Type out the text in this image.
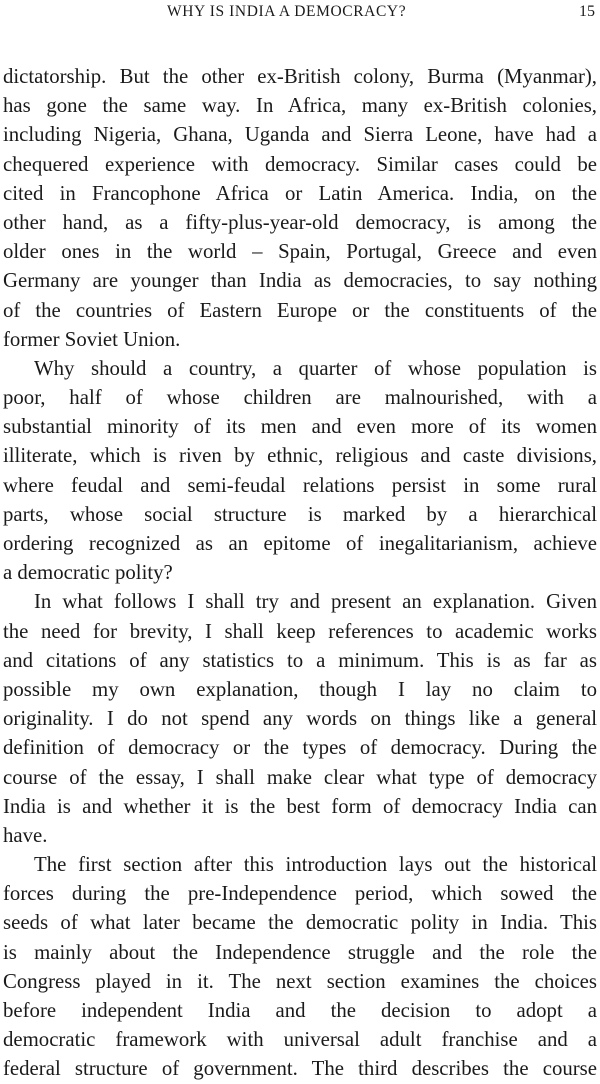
WHY IS INDIA A DEMOCRACY?	15
dictatorship. But the other ex-British colony, Burma (Myanmar),
has gone the same way. In Africa, many ex-British colonies,
including Nigeria, Ghana, Uganda and Sierra Leone, have had a
chequered experience with democracy. Similar cases could be
cited in Francophone Africa or Latin America. India, on the
other hand, as a fifty-plus-year-old democracy, is among the
older ones in the world – Spain, Portugal, Greece and even
Germany are younger than India as democracies, to say nothing
of the countries of Eastern Europe or the constituents of the
former Soviet Union.
Why should a country, a quarter of whose population is
poor, half of whose children are malnourished, with a
substantial minority of its men and even more of its women
illiterate, which is riven by ethnic, religious and caste divisions,
where feudal and semi-feudal relations persist in some rural
parts, whose social structure is marked by a hierarchical
ordering recognized as an epitome of inegalitarianism, achieve
a democratic polity?
In what follows I shall try and present an explanation. Given
the need for brevity, I shall keep references to academic works
and citations of any statistics to a minimum. This is as far as
possible my own explanation, though I lay no claim to
originality. I do not spend any words on things like a general
definition of democracy or the types of democracy. During the
course of the essay, I shall make clear what type of democracy
India is and whether it is the best form of democracy India can
have.
The first section after this introduction lays out the historical
forces during the pre-Independence period, which sowed the
seeds of what later became the democratic polity in India. This
is mainly about the Independence struggle and the role the
Congress played in it. The next section examines the choices
before independent India and the decision to adopt a
democratic framework with universal adult franchise and a
federal structure of government. The third describes the course
